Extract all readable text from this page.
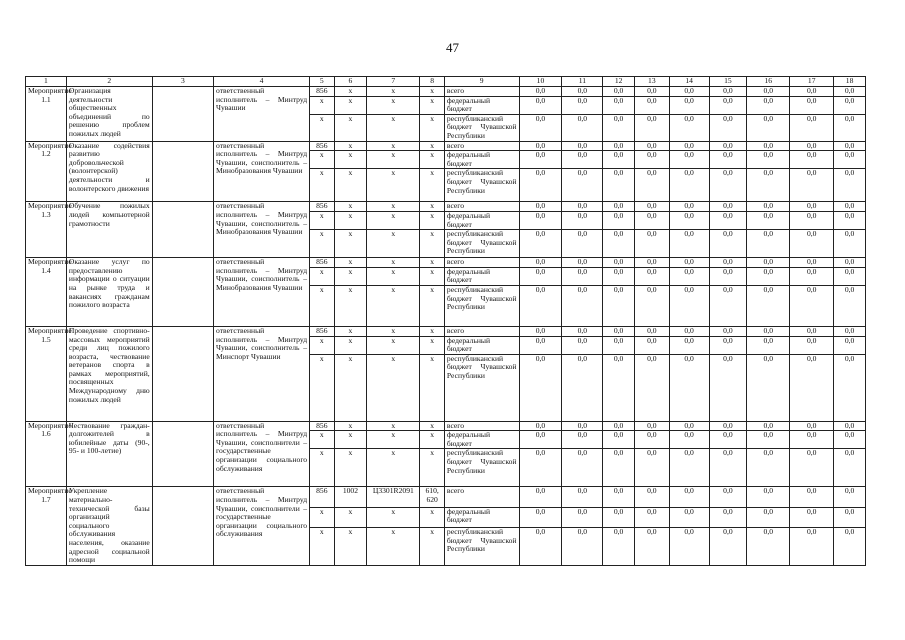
47
1	2	3	4	5	6	7	8	9	10	11	12	13	14	15	16	17	18
Мероприятие 1.1	Организация деятельности общественных объединений по решению проблем пожилых людей		ответственный исполнитель – Минтруд Чувашии	856	x	x	x	всего	0,0	0,0	0,0	0,0	0,0	0,0	0,0	0,0	0,0
				x	x	x	x	федеральный бюджет	0,0	0,0	0,0	0,0	0,0	0,0	0,0	0,0	0,0
				x	x	x	x	республиканский бюджет Чувашской Республики	0,0	0,0	0,0	0,0	0,0	0,0	0,0	0,0	0,0
Мероприятие 1.2	Оказание содействия развитию добровольческой (волонтерской) деятельности и волонтерского движения		ответственный исполнитель – Минтруд Чувашии, соисполнитель – Минобразования Чувашии	856	x	x	x	всего	0,0	0,0	0,0	0,0	0,0	0,0	0,0	0,0	0,0
				x	x	x	x	федеральный бюджет	0,0	0,0	0,0	0,0	0,0	0,0	0,0	0,0	0,0
				x	x	x	x	республиканский бюджет Чувашской Республики	0,0	0,0	0,0	0,0	0,0	0,0	0,0	0,0	0,0
Мероприятие 1.3	Обучение пожилых людей компьютерной грамотности		ответственный исполнитель – Минтруд Чувашии, соисполнитель – Минобразования Чувашии	856	x	x	x	всего	0,0	0,0	0,0	0,0	0,0	0,0	0,0	0,0	0,0
				x	x	x	x	федеральный бюджет	0,0	0,0	0,0	0,0	0,0	0,0	0,0	0,0	0,0
				x	x	x	x	республиканский бюджет Чувашской Республики	0,0	0,0	0,0	0,0	0,0	0,0	0,0	0,0	0,0
Мероприятие 1.4	Оказание услуг по предоставлению информации о ситуации на рынке труда и вакансиях гражданам пожилого возраста		ответственный исполнитель – Минтруд Чувашии, соисполнитель – Минобразования Чувашии	856	x	x	x	всего	0,0	0,0	0,0	0,0	0,0	0,0	0,0	0,0	0,0
				x	x	x	x	федеральный бюджет	0,0	0,0	0,0	0,0	0,0	0,0	0,0	0,0	0,0
				x	x	x	x	республиканский бюджет Чувашской Республики	0,0	0,0	0,0	0,0	0,0	0,0	0,0	0,0	0,0
Мероприятие 1.5	Проведение спортивно-массовых мероприятий среди лиц пожилого возраста, чествование ветеранов спорта в рамках мероприятий, посвященных Международному дню пожилых людей		ответственный исполнитель – Минтруд Чувашии, соисполнитель – Минспорт Чувашии	856	x	x	x	всего	0,0	0,0	0,0	0,0	0,0	0,0	0,0	0,0	0,0
				x	x	x	x	федеральный бюджет	0,0	0,0	0,0	0,0	0,0	0,0	0,0	0,0	0,0
				x	x	x	x	республиканский бюджет Чувашской Республики	0,0	0,0	0,0	0,0	0,0	0,0	0,0	0,0	0,0
Мероприятие 1.6	Чествование граждан-долгожителей в юбилейные даты (90-, 95- и 100-летие)		ответственный исполнитель – Минтруд Чувашии, соисполнители – государственные организации социального обслуживания	856	x	x	x	всего	0,0	0,0	0,0	0,0	0,0	0,0	0,0	0,0	0,0
				x	x	x	x	федеральный бюджет	0,0	0,0	0,0	0,0	0,0	0,0	0,0	0,0	0,0
				x	x	x	x	республиканский бюджет Чувашской Республики	0,0	0,0	0,0	0,0	0,0	0,0	0,0	0,0	0,0
Мероприятие 1.7	Укрепление материально-технической базы организаций социального обслуживания населения, оказание адресной социальной помощи		ответственный исполнитель – Минтруд Чувашии, соисполнители – государственные организации социального обслуживания	856	1002	Ц3301R2091	610, 620	всего	0,0	0,0	0,0	0,0	0,0	0,0	0,0	0,0	0,0
				x	x	x	x	федеральный бюджет	0,0	0,0	0,0	0,0	0,0	0,0	0,0	0,0	0,0
				x	x	x	x	республиканский бюджет Чувашской Республики	0,0	0,0	0,0	0,0	0,0	0,0	0,0	0,0	0,0
